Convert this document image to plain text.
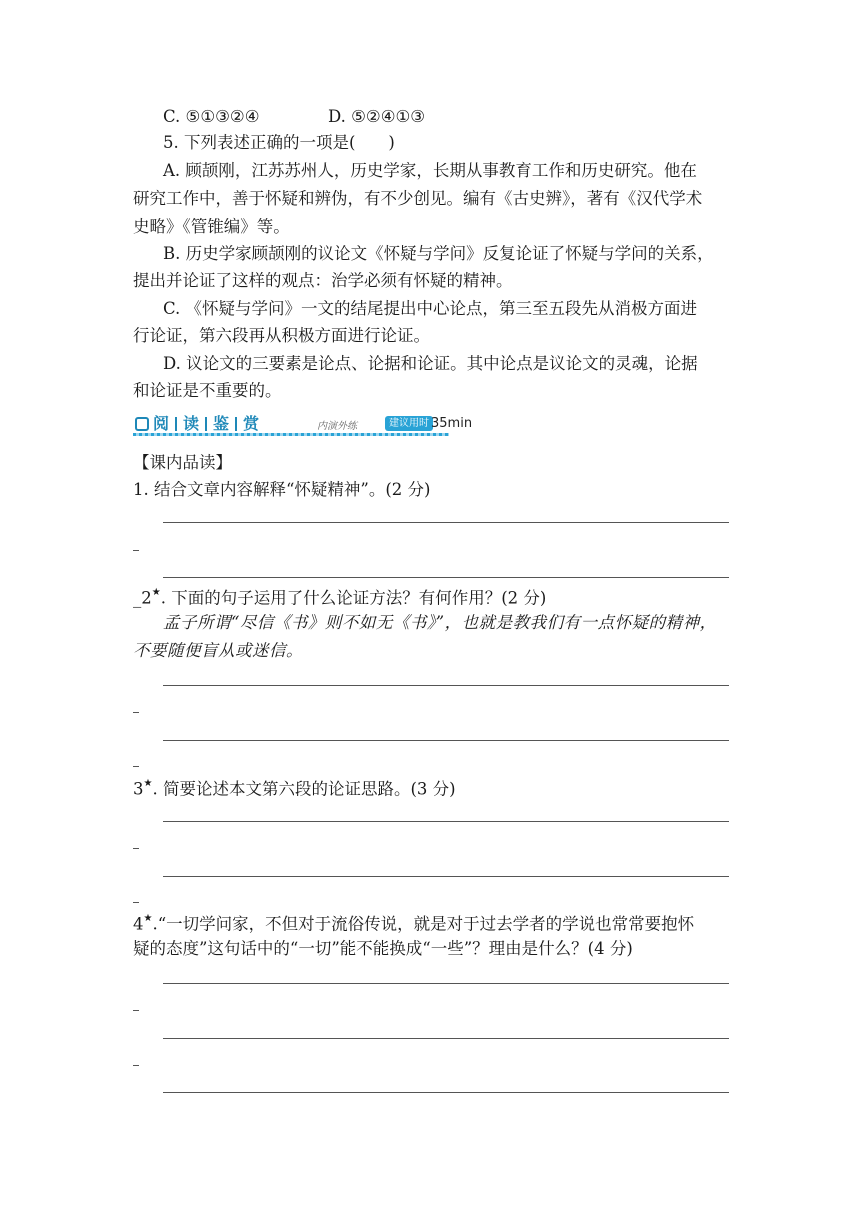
C. ⑤①③②④	D. ⑤②④①③
5. 下列表述正确的一项是(　　)
A. 顾颉刚，江苏苏州人，历史学家，长期从事教育工作和历史研究。他在
研究工作中，善于怀疑和辨伪，有不少创见。编有《古史辨》，著有《汉代学术
史略》《管锥编》等。
B. 历史学家顾颉刚的议论文《怀疑与学问》反复论证了怀疑与学问的关系，
提出并论证了这样的观点：治学必须有怀疑的精神。
C. 《怀疑与学问》一文的结尾提出中心论点，第三至五段先从消极方面进
行论证，第六段再从积极方面进行论证。
D. 议论文的三要素是论点、论据和论证。其中论点是议论文的灵魂，论据
和论证是不重要的。
阅 读 鉴 赏	内演外练	建议用时 35min
【课内品读】
1. 结合文章内容解释“怀疑精神”。(2 分)
_2★. 下面的句子运用了什么论证方法？有何作用？(2 分)
孟子所谓“尽信《书》则不如无《书》”，也就是教我们有一点怀疑的精神，
不要随便盲从或迷信。
3★. 简要论述本文第六段的论证思路。(3 分)
4★.“一切学问家，不但对于流俗传说，就是对于过去学者的学说也常常要抱怀
疑的态度”这句话中的“一切”能不能换成“一些”？理由是什么？(4 分)
